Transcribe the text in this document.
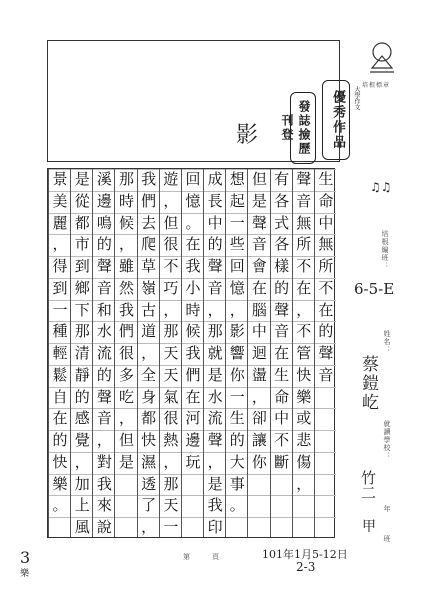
培根標章
發誌撿歷刊登	優秀作品	大學作文
影
♫♫
培根編班：
6-5-E
姓名：
蔡鎧屹
就讀學校：
竹二
年
甲
班
生
命
中
無
所
不
在
的
聲
音
聲
音
無
所
不
在
，
不
管
快
樂
或
悲
傷
，
有
各
式
各
樣
的
聲
音
在
生
命
中
不
斷
但
是
聲
音
會
在
腦
中
迴
盪
，
卻
讓
你
想
起
一
些
回
憶
，
影
響
你
一
生
的
大
事
。
成
長
中
的
聲
音
，
那
就
是
水
流
聲
，
是
我
印
回
憶
。
在
我
小
時
候
我
們
在
河
邊
玩
遊
，
但
很
不
巧
，
那
天
天
氣
很
熱
，
那
天
一
我
們
去
爬
草
嶺
古
道
，
全
身
都
快
濕
透
了
，
那
時
候
，
雖
然
我
們
很
多
吃
，
但
是
溪
邊
鳴
的
聲
音
和
水
流
的
聲
音
，
對
我
來
說
是
從
都
市
到
鄉
下
那
清
靜
的
感
覺
，
加
上
風
景
美
麗
，
得
到
一
種
輕
鬆
自
在
的
快
樂
。
3
樂
第	頁	101年1月5-12日
2-3
